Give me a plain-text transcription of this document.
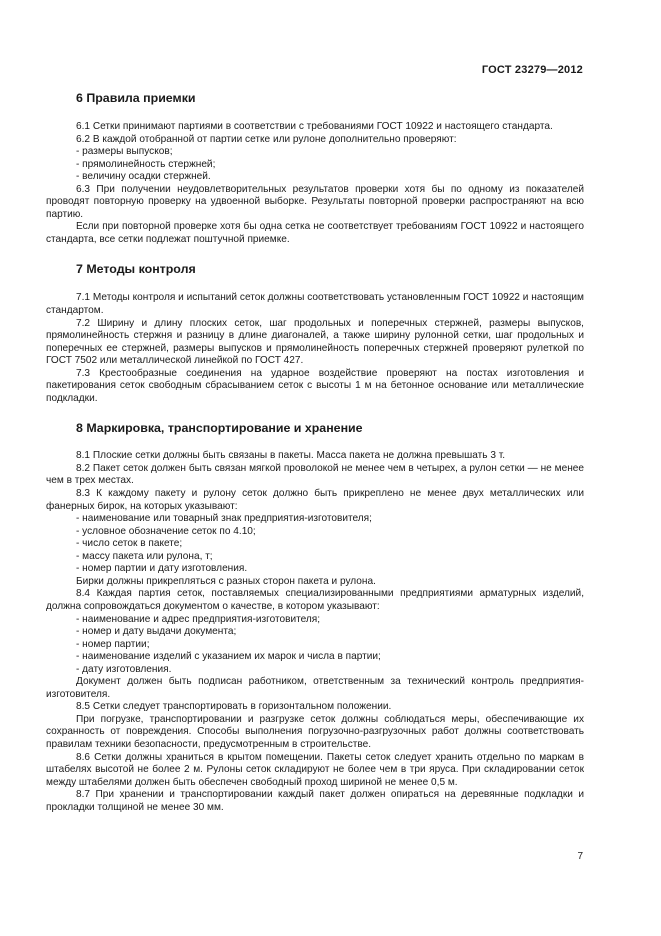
ГОСТ 23279—2012
6 Правила приемки

6.1 Сетки принимают партиями в соответствии с требованиями ГОСТ 10922 и настоящего стандарта.

6.2 В каждой отобранной от партии сетке или рулоне дополнительно проверяют:

- размеры выпусков;

- прямолинейность стержней;

- величину осадки стержней.

6.3 При получении неудовлетворительных результатов проверки хотя бы по одному из показателей проводят повторную проверку на удвоенной выборке. Результаты повторной проверки распространяют на всю партию.

Если при повторной проверке хотя бы одна сетка не соответствует требованиям ГОСТ 10922 и настоящего стандарта, все сетки подлежат поштучной приемке.

7 Методы контроля

7.1 Методы контроля и испытаний сеток должны соответствовать установленным ГОСТ 10922 и настоящим стандартом.

7.2 Ширину и длину плоских сеток, шаг продольных и поперечных стержней, размеры выпусков, прямолинейность стержня и разницу в длине диагоналей, а также ширину рулонной сетки, шаг продольных и поперечных ее стержней, размеры выпусков и прямолинейность поперечных стержней проверяют рулеткой по ГОСТ 7502 или металлической линейкой по ГОСТ 427.

7.3 Крестообразные соединения на ударное воздействие проверяют на постах изготовления и пакетирования сеток свободным сбрасыванием сеток с высоты 1 м на бетонное основание или металлические подкладки.

8 Маркировка, транспортирование и хранение

8.1 Плоские сетки должны быть связаны в пакеты. Масса пакета не должна превышать 3 т.

8.2 Пакет сеток должен быть связан мягкой проволокой не менее чем в четырех, а рулон сетки — не менее чем в трех местах.

8.3 К каждому пакету и рулону сеток должно быть прикреплено не менее двух металлических или фанерных бирок, на которых указывают:

- наименование или товарный знак предприятия-изготовителя;

- условное обозначение сеток по 4.10;

- число сеток в пакете;

- массу пакета или рулона, т;

- номер партии и дату изготовления.

Бирки должны прикрепляться с разных сторон пакета и рулона.

8.4 Каждая партия сеток, поставляемых специализированными предприятиями арматурных изделий, должна сопровождаться документом о качестве, в котором указывают:

- наименование и адрес предприятия-изготовителя;

- номер и дату выдачи документа;

- номер партии;

- наименование изделий с указанием их марок и числа в партии;

- дату изготовления.

Документ должен быть подписан работником, ответственным за технический контроль предприятия-изготовителя.

8.5 Сетки следует транспортировать в горизонтальном положении.

При погрузке, транспортировании и разгрузке сеток должны соблюдаться меры, обеспечивающие их сохранность от повреждения. Способы выполнения погрузочно-разгрузочных работ должны соответствовать правилам техники безопасности, предусмотренным в строительстве.

8.6 Сетки должны храниться в крытом помещении. Пакеты сеток следует хранить отдельно по маркам в штабелях высотой не более 2 м. Рулоны сеток складируют не более чем в три яруса. При складировании сеток между штабелями должен быть обеспечен свободный проход шириной не менее 0,5 м.

8.7 При хранении и транспортировании каждый пакет должен опираться на деревянные подкладки и прокладки толщиной не менее 30 мм.

7
